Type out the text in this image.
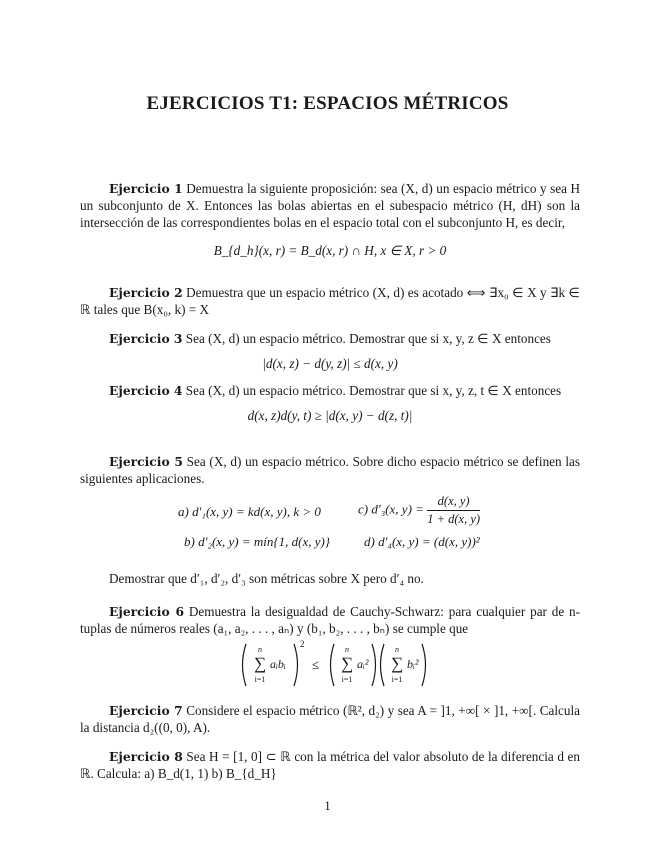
EJERCICIOS T1: ESPACIOS MÉTRICOS
Ejercicio 1 Demuestra la siguiente proposición: sea (X, d) un espacio métrico y sea H un subconjunto de X. Entonces las bolas abiertas en el subespacio métrico (H, dH) son la intersección de las correspondientes bolas en el espacio total con el subconjunto H, es decir,
B_{d_h}(x, r) = B_d(x, r) ∩ H, x ∈ X, r > 0
Ejercicio 2 Demuestra que un espacio métrico (X, d) es acotado ⟺ ∃x₀ ∈ X y ∃k ∈ ℝ tales que B(x₀, k) = X
Ejercicio 3 Sea (X, d) un espacio métrico. Demostrar que si x, y, z ∈ X entonces
|d(x, z) − d(y, z)| ≤ d(x, y)
Ejercicio 4 Sea (X, d) un espacio métrico. Demostrar que si x, y, z, t ∈ X entonces
d(x, z)d(y, t) ≥ |d(x, y) − d(z, t)|
Ejercicio 5 Sea (X, d) un espacio métrico. Sobre dicho espacio métrico se definen las siguientes aplicaciones.
a) d′₁(x, y) = kd(x, y), k > 0	c) d′₃(x, $y) = \frac{d(x, y)}{1 + d(x, y)}$
b) d′₂(x, y) = mín{1, d(x, y)}	d) d′₄(x, y) = (d(x, y))²
Demostrar que d′₁, d′₂, d′₃ son métricas sobre X pero d′₄ no.
Ejercicio 6 Demuestra la desigualdad de Cauchy-Schwarz: para cualquier par de n-tuplas de números reales (a₁, a₂, . . . , aₙ) y (b₁, b₂, . . . , bₙ) se cumple que
n
∑
i=1
aᵢbᵢ
2
≤
n
∑
i=1
aᵢ²
n
∑
i=1
bᵢ²
Ejercicio 7 Considere el espacio métrico (ℝ², d₂) y sea A = ]1, +∞[ × ]1, +∞[. Calcula la distancia d₂((0, 0), A).
Ejercicio 8 Sea H = [1, 0] ⊂ ℝ con la métrica del valor absoluto de la diferencia d en ℝ. Calcula: a) B_d(1, 1) b) B_{d_H}
1
